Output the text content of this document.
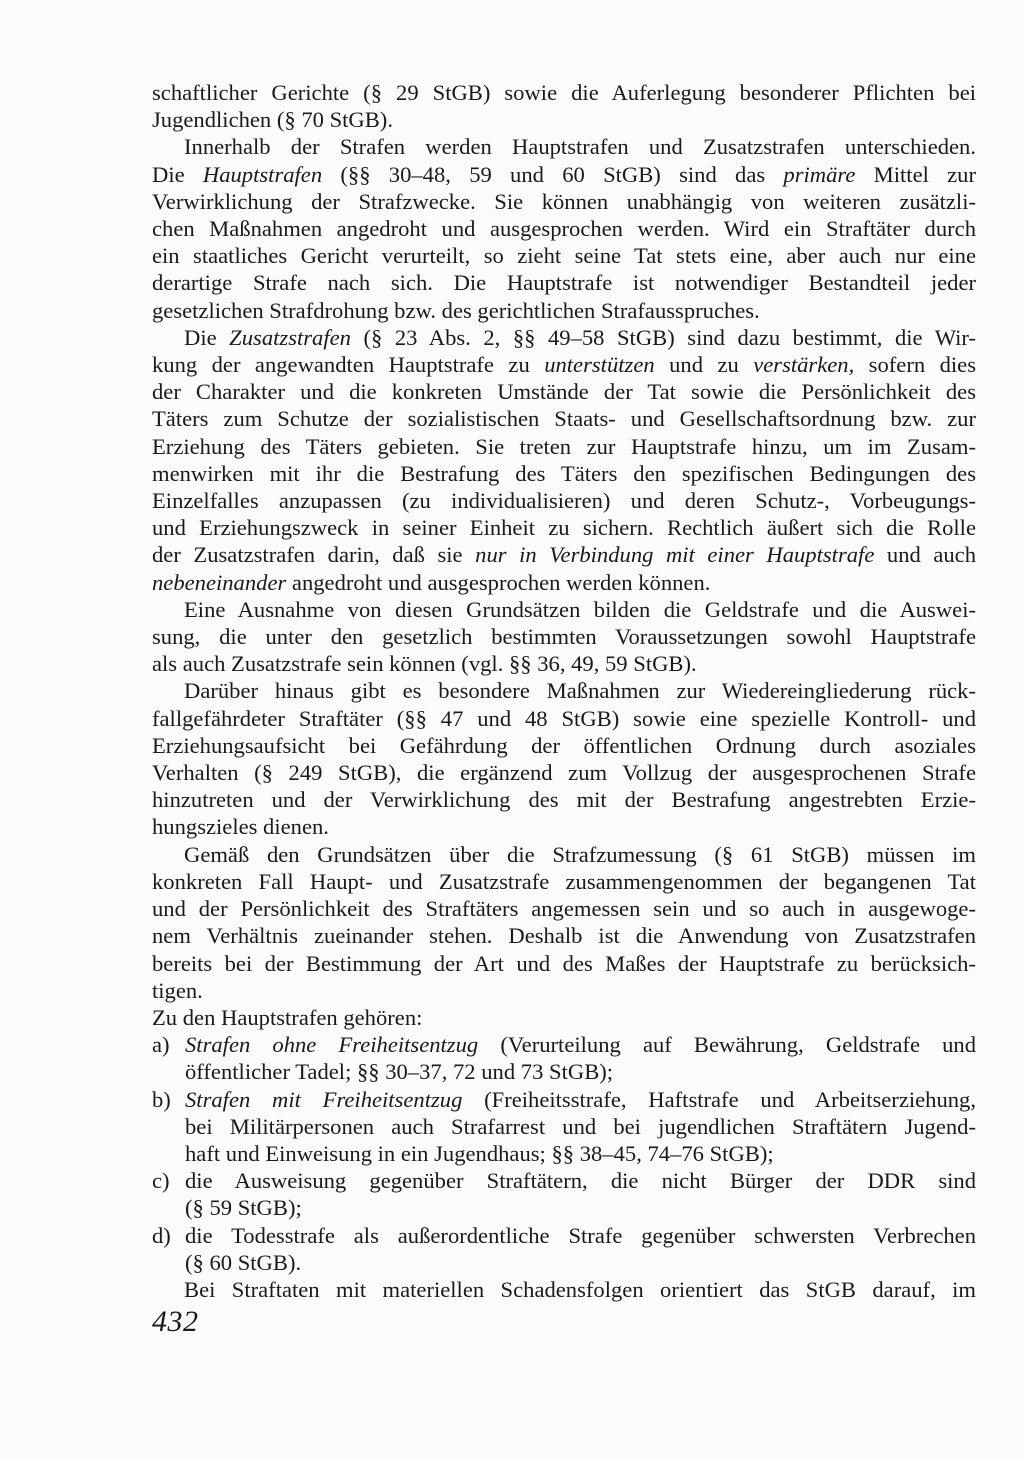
schaftlicher Gerichte (§ 29 StGB) sowie die Auferlegung besonderer Pflichten bei
Jugendlichen (§ 70 StGB).
Innerhalb der Strafen werden Hauptstrafen und Zusatzstrafen unterschieden.
Die Hauptstrafen (§§ 30–48, 59 und 60 StGB) sind das primäre Mittel zur
Verwirklichung der Strafzwecke. Sie können unabhängig von weiteren zusätzli-
chen Maßnahmen angedroht und ausgesprochen werden. Wird ein Straftäter durch
ein staatliches Gericht verurteilt, so zieht seine Tat stets eine, aber auch nur eine
derartige Strafe nach sich. Die Hauptstrafe ist notwendiger Bestandteil jeder
gesetzlichen Strafdrohung bzw. des gerichtlichen Strafausspruches.
Die Zusatzstrafen (§ 23 Abs. 2, §§ 49–58 StGB) sind dazu bestimmt, die Wir-
kung der angewandten Hauptstrafe zu unterstützen und zu verstärken, sofern dies
der Charakter und die konkreten Umstände der Tat sowie die Persönlichkeit des
Täters zum Schutze der sozialistischen Staats- und Gesellschaftsordnung bzw. zur
Erziehung des Täters gebieten. Sie treten zur Hauptstrafe hinzu, um im Zusam-
menwirken mit ihr die Bestrafung des Täters den spezifischen Bedingungen des
Einzelfalles anzupassen (zu individualisieren) und deren Schutz-, Vorbeugungs-
und Erziehungszweck in seiner Einheit zu sichern. Rechtlich äußert sich die Rolle
der Zusatzstrafen darin, daß sie nur in Verbindung mit einer Hauptstrafe und auch
nebeneinander angedroht und ausgesprochen werden können.
Eine Ausnahme von diesen Grundsätzen bilden die Geldstrafe und die Auswei-
sung, die unter den gesetzlich bestimmten Voraussetzungen sowohl Hauptstrafe
als auch Zusatzstrafe sein können (vgl. §§ 36, 49, 59 StGB).
Darüber hinaus gibt es besondere Maßnahmen zur Wiedereingliederung rück-
fallgefährdeter Straftäter (§§ 47 und 48 StGB) sowie eine spezielle Kontroll- und
Erziehungsaufsicht bei Gefährdung der öffentlichen Ordnung durch asoziales
Verhalten (§ 249 StGB), die ergänzend zum Vollzug der ausgesprochenen Strafe
hinzutreten und der Verwirklichung des mit der Bestrafung angestrebten Erzie-
hungszieles dienen.
Gemäß den Grundsätzen über die Strafzumessung (§ 61 StGB) müssen im
konkreten Fall Haupt- und Zusatzstrafe zusammengenommen der begangenen Tat
und der Persönlichkeit des Straftäters angemessen sein und so auch in ausgewoge-
nem Verhältnis zueinander stehen. Deshalb ist die Anwendung von Zusatzstrafen
bereits bei der Bestimmung der Art und des Maßes der Hauptstrafe zu berücksich-
tigen.
Zu den Hauptstrafen gehören:
a) Strafen ohne Freiheitsentzug (Verurteilung auf Bewährung, Geldstrafe und
öffentlicher Tadel; §§ 30–37, 72 und 73 StGB);
b) Strafen mit Freiheitsentzug (Freiheitsstrafe, Haftstrafe und Arbeitserziehung,
bei Militärpersonen auch Strafarrest und bei jugendlichen Straftätern Jugend-
haft und Einweisung in ein Jugendhaus; §§ 38–45, 74–76 StGB);
c) die Ausweisung gegenüber Straftätern, die nicht Bürger der DDR sind
(§ 59 StGB);
d) die Todesstrafe als außerordentliche Strafe gegenüber schwersten Verbrechen
(§ 60 StGB).
Bei Straftaten mit materiellen Schadensfolgen orientiert das StGB darauf, im
432
